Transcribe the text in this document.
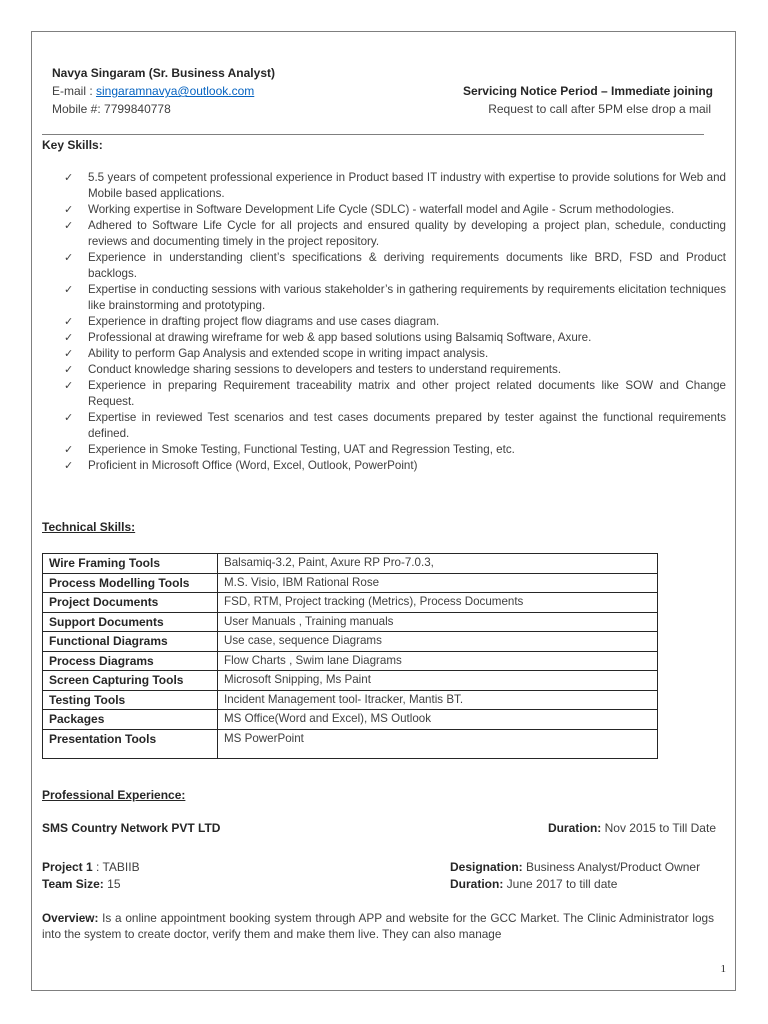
Navya Singaram (Sr. Business Analyst)
E-mail : singaramnavya@outlook.com
Mobile #: 7799840778
Servicing Notice Period – Immediate joining
Request to call after 5PM else drop a mail
Key Skills:
✓ 5.5 years of competent professional experience in Product based IT industry with expertise to provide solutions for Web and Mobile based applications.
✓ Working expertise in Software Development Life Cycle (SDLC) - waterfall model and Agile - Scrum methodologies.
✓ Adhered to Software Life Cycle for all projects and ensured quality by developing a project plan, schedule, conducting reviews and documenting timely in the project repository.
✓ Experience in understanding client’s specifications & deriving requirements documents like BRD, FSD and Product backlogs.
✓ Expertise in conducting sessions with various stakeholder’s in gathering requirements by requirements elicitation techniques like brainstorming and prototyping.
✓ Experience in drafting project flow diagrams and use cases diagram.
✓ Professional at drawing wireframe for web & app based solutions using Balsamiq Software, Axure.
✓ Ability to perform Gap Analysis and extended scope in writing impact analysis.
✓ Conduct knowledge sharing sessions to developers and testers to understand requirements.
✓ Experience in preparing Requirement traceability matrix and other project related documents like SOW and Change Request.
✓ Expertise in reviewed Test scenarios and test cases documents prepared by tester against the functional requirements defined.
✓ Experience in Smoke Testing, Functional Testing, UAT and Regression Testing, etc.
✓ Proficient in Microsoft Office (Word, Excel, Outlook, PowerPoint)
Technical Skills:
Wire Framing Tools	Balsamiq-3.2, Paint, Axure RP Pro-7.0.3,
Process Modelling Tools	M.S. Visio, IBM Rational Rose
Project Documents	FSD, RTM, Project tracking (Metrics), Process Documents
Support Documents	User Manuals , Training manuals
Functional Diagrams	Use case, sequence Diagrams
Process Diagrams	Flow Charts , Swim lane Diagrams
Screen Capturing Tools	Microsoft Snipping, Ms Paint
Testing Tools	Incident Management tool- Itracker, Mantis BT.
Packages	MS Office(Word and Excel), MS Outlook
Presentation Tools	MS PowerPoint
Professional Experience:
SMS Country Network PVT LTD	Duration: Nov 2015 to Till Date
Project 1 : TABIIB
Team Size: 15
Designation: Business Analyst/Product Owner
Duration: June 2017 to till date
Overview: Is a online appointment booking system through APP and website for the GCC Market. The Clinic Administrator logs into the system to create doctor, verify them and make them live. They can also manage
1
